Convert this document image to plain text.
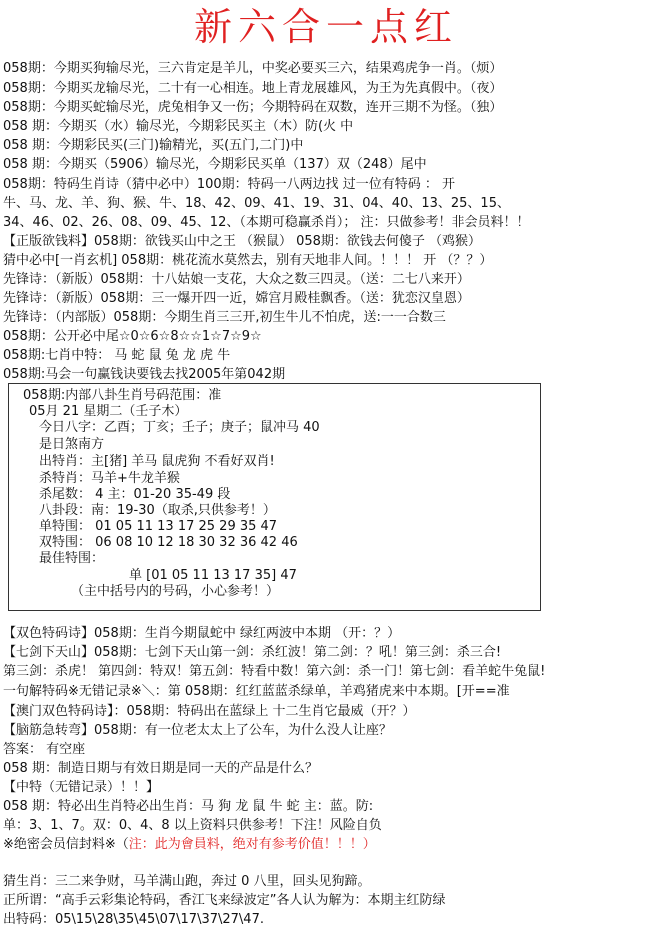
新六合一点红
058期：今期买狗输尽光，三六肯定是羊儿，中奖必要买三六，结果鸡虎争一肖。（烦）
058期：今期买龙输尽光，二十有一心相连。地上青龙展雄风，为王为先真假中。（夜）
058期：今期买蛇输尽光，虎兔相争又一伤；今期特码在双数，连开三期不为怪。（独）
058 期：今期买（水）输尽光，今期彩民买主（木）防(火 中
058 期：今期彩民买(三门)输精光，买(五门,二门)中
058 期：今期买（5906）输尽光，今期彩民买单（137）双（248）尾中
058期：特码生肖诗（猜中必中）100期：特码一八两边找 过一位有特码 ： 开
牛、马、龙、羊、狗、猴、牛、18、42、09、41、19、31、04、40、13、25、15、
34、46、02、26、08、09、45、12、（本期可稳赢杀肖）； 注：只做参考！非会员料！！
【正版欲钱料】058期：欲钱买山中之王 （猴鼠） 058期：欲钱去何傻子 （鸡猴）
猜中必中[一肖玄机] 058期：桃花流水莫然去，别有天地非人间。！！！ 开 （？？）
先锋诗：（新版）058期：十八姑娘一支花，大众之数三四灵。（送：二七八来开）
先锋诗：（新版）058期：三一爆开四一近，嫦宫月殿桂飘香。（送：犹恋汉皇恩）
先锋诗：（内部版）058期：今期生肖三三开,初生牛儿不怕虎，送:一一合数三
058期：公开必中尾☆0☆6☆8☆☆1☆7☆9☆
058期:七肖中特： 马 蛇 鼠 兔 龙 虎 牛
058期:马会一句赢钱诀要钱去找2005年第042期
058期:内部八卦生肖号码范围：准
05月 21 星期二（壬子木）
今日八字：乙酉；丁亥；壬子；庚子；鼠冲马 40
是日煞南方
出特肖：主[猪] 羊马 鼠虎狗 不看好双肖!
杀特肖：马羊+牛龙羊猴
杀尾数： 4 主：01-20 35-49 段
八卦段：南：19-30（取杀,只供参考！）
单特围： 01 05 11 13 17 25 29 35 47
双特围： 06 08 10 12 18 30 32 36 42 46
最佳特围：
单 [01 05 11 13 17 35] 47
（主中括号内的号码，小心参考！）
【双色特码诗】058期：生肖今期鼠蛇中 绿红两波中本期 （开：？）
【七剑下天山】058期：七剑下天山第一剑：杀红波！第二剑：？吼！第三剑：杀三合!
第三剑：杀虎！ 第四剑：特双！第五剑：特看中数！第六剑：杀一门！第七剑：看羊蛇牛兔鼠!
一句解特码※无错记录※＼：第 058期：红红蓝蓝杀绿单，羊鸡猪虎来中本期。[开==准
【澳门双色特码诗】：058期：特码出在蓝绿上 十二生肖它最威（开？）
【脑筋急转弯】058期：有一位老太太上了公车，为什么没人让座？
答案： 有空座
058 期：制造日期与有效日期是同一天的产品是什么？
【中特（无错记录）！！】
058 期：特必出生肖特必出生肖：马 狗 龙 鼠 牛 蛇 主：蓝。防:
单：3、1、7。双：0、4、8 以上资料只供参考！下注！风险自负
※绝密会员信封料※（注：此为會員料，绝对有参考价值！！！）
猜生肖：三二来争财，马羊满山跑，奔过 0 八里，回头见狗蹄。
正所谓：“高手云彩集论特码，香江飞来绿波定”各人认为解为：本期主红防绿
出特码：05\15\28\35\45\07\17\37\27\47.
